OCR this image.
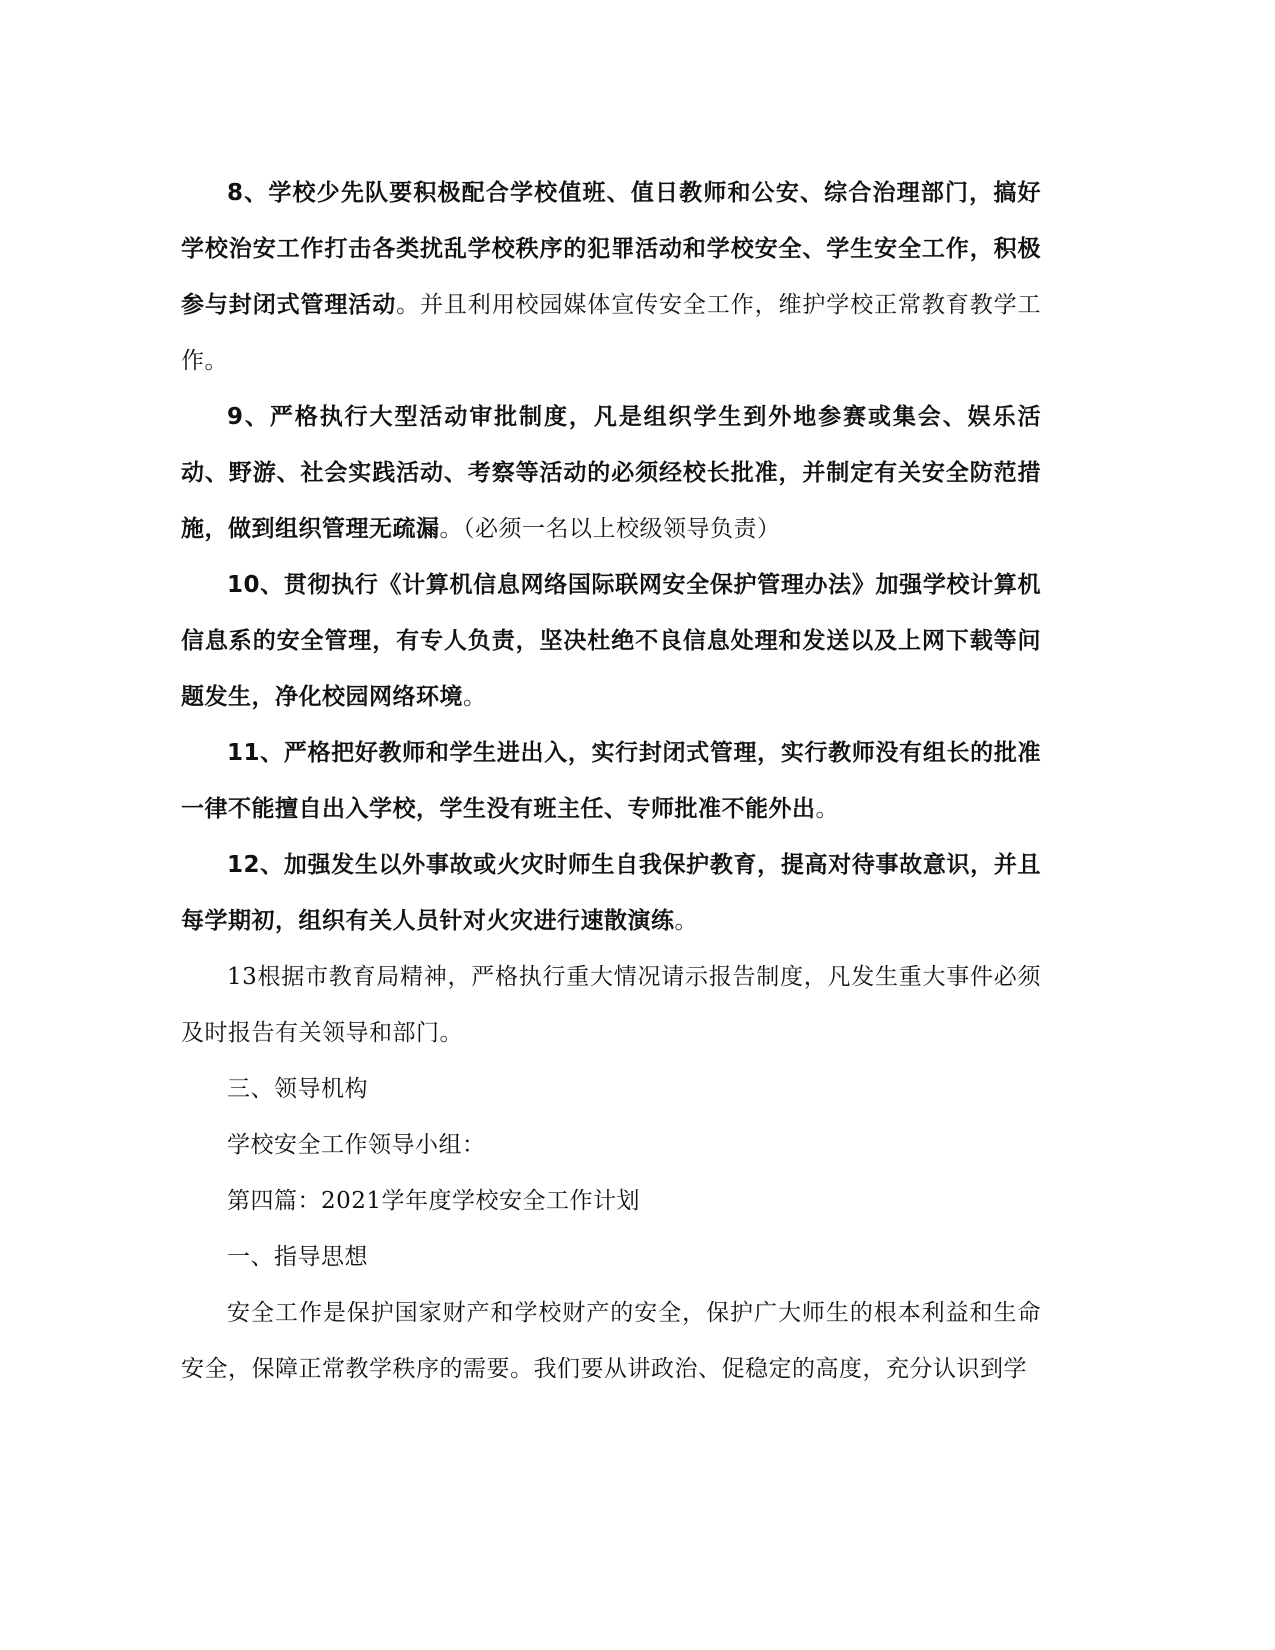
8、学校少先队要积极配合学校值班、值日教师和公安、综合治理部门，搞好学校治安工作打击各类扰乱学校秩序的犯罪活动和学校安全、学生安全工作，积极参与封闭式管理活动。并且利用校园媒体宣传安全工作，维护学校正常教育教学工作。

9、严格执行大型活动审批制度，凡是组织学生到外地参赛或集会、娱乐活动、野游、社会实践活动、考察等活动的必须经校长批准，并制定有关安全防范措施，做到组织管理无疏漏。（必须一名以上校级领导负责）

10、贯彻执行《计算机信息网络国际联网安全保护管理办法》加强学校计算机信息系的安全管理，有专人负责，坚决杜绝不良信息处理和发送以及上网下载等问题发生，净化校园网络环境。

11、严格把好教师和学生进出入，实行封闭式管理，实行教师没有组长的批准一律不能擅自出入学校，学生没有班主任、专师批准不能外出。

12、加强发生以外事故或火灾时师生自我保护教育，提高对待事故意识，并且每学期初，组织有关人员针对火灾进行速散演练。

13根据市教育局精神，严格执行重大情况请示报告制度，凡发生重大事件必须及时报告有关领导和部门。

三、领导机构

学校安全工作领导小组：

第四篇：2021学年度学校安全工作计划

一、指导思想

安全工作是保护国家财产和学校财产的安全，保护广大师生的根本利益和生命安全，保障正常教学秩序的需要。我们要从讲政治、促稳定的高度，充分认识到学
